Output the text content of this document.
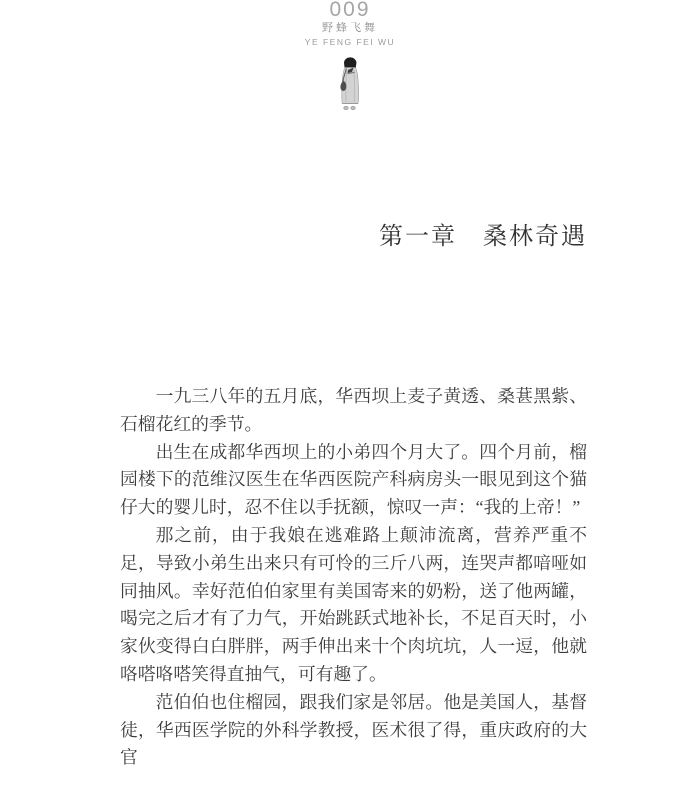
009
野蜂飞舞
YE FENG FEI WU
第一章　桑林奇遇

一九三八年的五月底，华西坝上麦子黄透、桑葚黑紫、石榴花红的季节。

出生在成都华西坝上的小弟四个月大了。四个月前，榴园楼下的范维汉医生在华西医院产科病房头一眼见到这个猫仔大的婴儿时，忍不住以手抚额，惊叹一声：“我的上帝！”

那之前，由于我娘在逃难路上颠沛流离，营养严重不足，导致小弟生出来只有可怜的三斤八两，连哭声都喑哑如同抽风。幸好范伯伯家里有美国寄来的奶粉，送了他两罐，喝完之后才有了力气，开始跳跃式地补长，不足百天时，小家伙变得白白胖胖，两手伸出来十个肉坑坑，人一逗，他就咯嗒咯嗒笑得直抽气，可有趣了。

范伯伯也住榴园，跟我们家是邻居。他是美国人，基督徒，华西医学院的外科学教授，医术很了得，重庆政府的大官
